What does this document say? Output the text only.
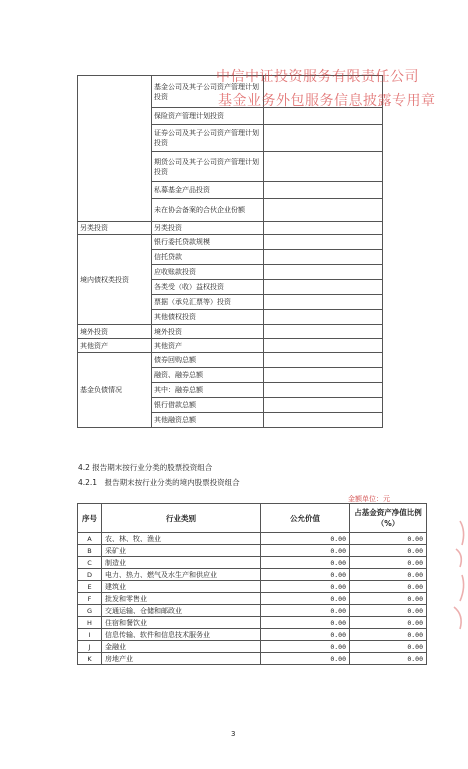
	基金公司及其子公司资产管理计划投资	
	保险资产管理计划投资	
	证券公司及其子公司资产管理计划投资	
	期货公司及其子公司资产管理计划投资	
	私募基金产品投资	
	未在协会备案的合伙企业份额	
另类投资	另类投资	
境内债权类投资	银行委托贷款规模	
	信托贷款	
	应收账款投资	
	各类受（收）益权投资	
	票据（承兑汇票等）投资	
	其他债权投资	
境外投资	境外投资	
其他资产	其他资产	
基金负债情况	债券回购总额	
	融资、融券总额	
	其中：融券总额	
	银行借款总额	
	其他融资总额	
中信中证投资服务有限责任公司
基金业务外包服务信息披露专用章
4.2 报告期末按行业分类的股票投资组合
4.2.1　报告期末按行业分类的境内股票投资组合
金额单位：元
序号	行业类别	公允价值	占基金资产净值比例（%）
A	农、林、牧、渔业	0.00	0.00
B	采矿业	0.00	0.00
C	制造业	0.00	0.00
D	电力、热力、燃气及水生产和供应业	0.00	0.00
E	建筑业	0.00	0.00
F	批发和零售业	0.00	0.00
G	交通运输、仓储和邮政业	0.00	0.00
H	住宿和餐饮业	0.00	0.00
I	信息传输、软件和信息技术服务业	0.00	0.00
J	金融业	0.00	0.00
K	房地产业	0.00	0.00
3
